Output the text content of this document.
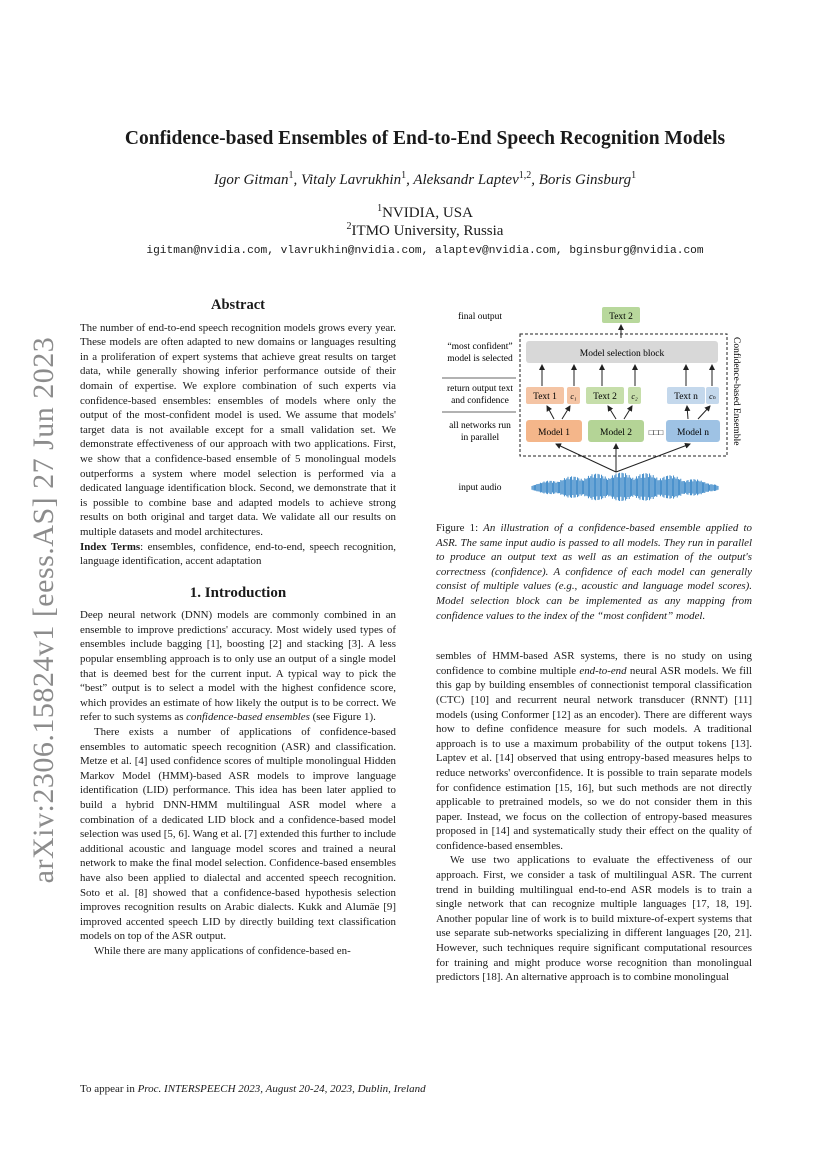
arXiv:2306.15824v1 [eess.AS] 27 Jun 2023
Confidence-based Ensembles of End-to-End Speech Recognition Models
Igor Gitman$^1$, Vitaly Lavrukhin$^1$, Aleksandr Laptev$^{1,2}$, Boris Ginsburg$^1$
$^1$NVIDIA, USA
$^2$ITMO University, Russia
igitman@nvidia.com, vlavrukhin@nvidia.com, alaptev@nvidia.com, bginsburg@nvidia.com
Abstract

The number of end-to-end speech recognition models grows every year. These models are often adapted to new domains or languages resulting in a proliferation of expert systems that achieve great results on target data, while generally showing inferior performance outside of their domain of expertise. We explore combination of such experts via confidence-based ensembles: ensembles of models where only the output of the most-confident model is used. We assume that models' target data is not available except for a small validation set. We demonstrate effectiveness of our approach with two applications. First, we show that a confidence-based ensemble of 5 monolingual models outperforms a system where model selection is performed via a dedicated language identification block. Second, we demonstrate that it is possible to combine base and adapted models to achieve strong results on both original and target data. We validate all our results on multiple datasets and model architectures.

Index Terms: ensembles, confidence, end-to-end, speech recognition, language identification, accent adaptation

1. Introduction

Deep neural network (DNN) models are commonly combined in an ensemble to improve predictions' accuracy. Most widely used types of ensembles include bagging [1], boosting [2] and stacking [3]. A less popular ensembling approach is to only use an output of a single model that is deemed best for the current input. A typical way to pick the “best” output is to select a model with the highest confidence score, which provides an estimate of how likely the output is to be correct. We refer to such systems as confidence-based ensembles (see Figure 1).

There exists a number of applications of confidence-based ensembles to automatic speech recognition (ASR) and classification. Metze et al. [4] used confidence scores of multiple monolingual Hidden Markov Model (HMM)-based ASR models to improve language identification (LID) performance. This idea has been later applied to build a hybrid DNN-HMM multilingual ASR model where a combination of a dedicated LID block and a confidence-based model selection was used [5, 6]. Wang et al. [7] extended this further to include additional acoustic and language model scores and trained a neural network to make the final model selection. Confidence-based ensembles have also been applied to dialectal and accented speech recognition. Soto et al. [8] showed that a confidence-based hypothesis selection improves recognition results on Arabic dialects. Kukk and Alumäe [9] improved accented speech LID by directly building text classification models on top of the ASR output.

While there are many applications of confidence-based en-

final output
“most confident”
model is selected
return output text
and confidence
all networks run
in parallel
input audio
Text 2
Confidence-based Ensemble
Model selection block
Text 1 c₁ Text 2 c₂	Text n cₙ
Model 1	Model 2 □□□ Model n

Figure 1: An illustration of a confidence-based ensemble applied to ASR. The same input audio is passed to all models. They run in parallel to produce an output text as well as an estimation of the output's correctness (confidence). A confidence of each model can generally consist of multiple values (e.g., acoustic and language model scores). Model selection block can be implemented as any mapping from confidence values to the index of the “most confident” model.

sembles of HMM-based ASR systems, there is no study on using confidence to combine multiple end-to-end neural ASR models. We fill this gap by building ensembles of connectionist temporal classification (CTC) [10] and recurrent neural network transducer (RNNT) [11] models (using Conformer [12] as an encoder). There are different ways how to define confidence measure for such models. A traditional approach is to use a maximum probability of the output tokens [13]. Laptev et al. [14] observed that using entropy-based measures helps to reduce networks' overconfidence. It is possible to train separate models for confidence estimation [15, 16], but such methods are not directly applicable to pretrained models, so we do not consider them in this paper. Instead, we focus on the collection of entropy-based measures proposed in [14] and systematically study their effect on the quality of confidence-based ensembles.

We use two applications to evaluate the effectiveness of our approach. First, we consider a task of multilingual ASR. The current trend in building multilingual end-to-end ASR models is to train a single network that can recognize multiple languages [17, 18, 19]. Another popular line of work is to build mixture-of-expert systems that use separate sub-networks specializing in different languages [20, 21]. However, such techniques require significant computational resources for training and might produce worse recognition than monolingual predictors [18]. An alternative approach is to combine monolingual

To appear in Proc. INTERSPEECH 2023, August 20-24, 2023, Dublin, Ireland
